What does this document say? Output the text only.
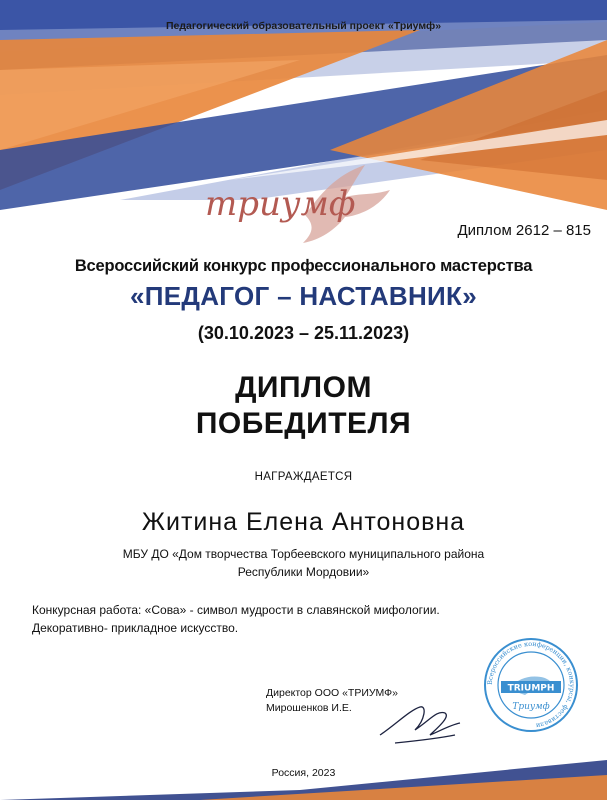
Педагогический образовательный проект «Триумф»
триумф
Диплом 2612 – 815
Всероссийский конкурс профессионального мастерства
«ПЕДАГОГ – НАСТАВНИК»
(30.10.2023 – 25.11.2023)
ДИПЛОМ
ПОБЕДИТЕЛЯ
НАГРАЖДАЕТСЯ
Житина Елена Антоновна
МБУ ДО «Дом творчества Торбеевского муниципального района
Республики Мордовии»
Конкурсная работа: «Сова» - символ мудрости в славянской мифологии.
Декоративно- прикладное искусство.
Директор ООО «ТРИУМФ»
Мирошенков И.Е.
Всероссийские конференции, конкурсы, фестивали
TRIUMPH
Триумф
Россия, 2023
